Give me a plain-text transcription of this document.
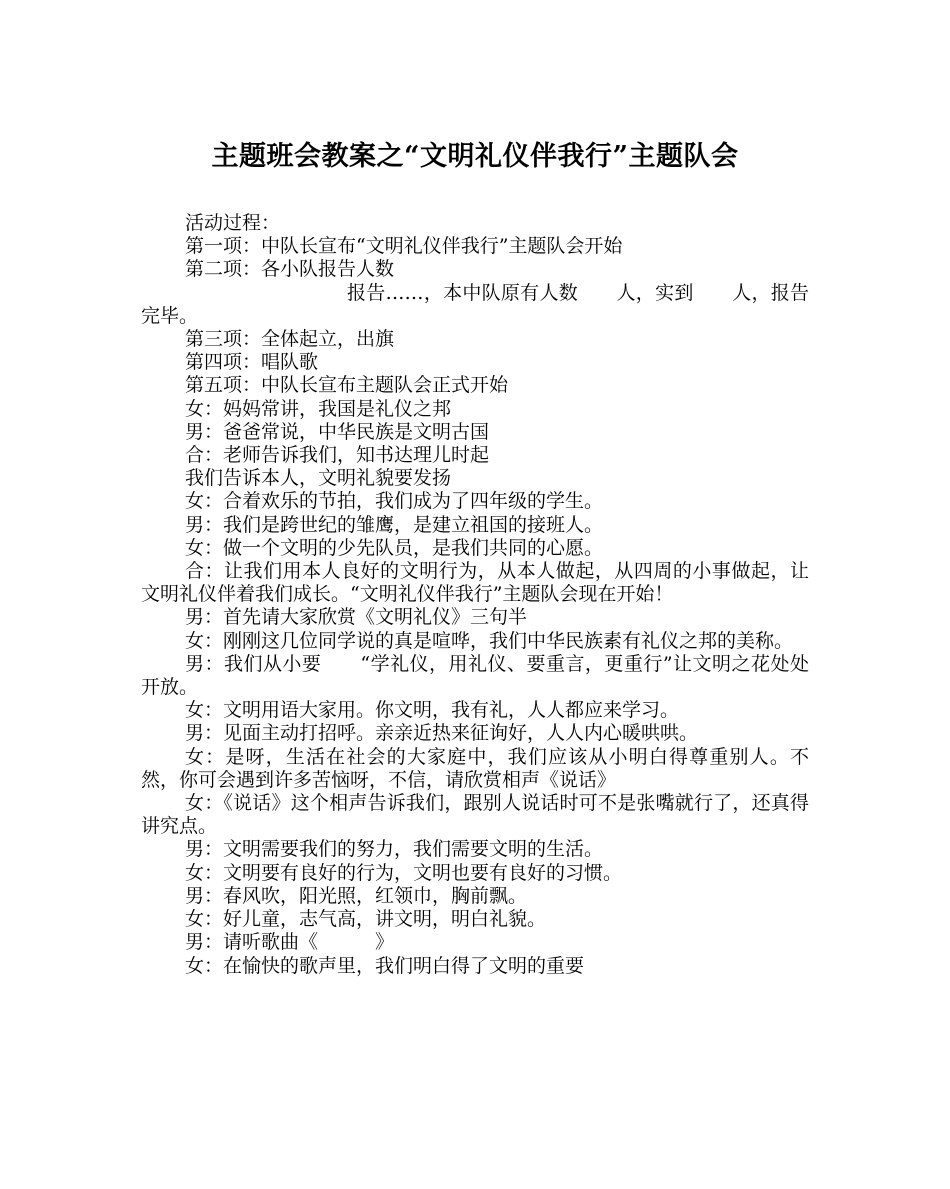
主题班会教案之“文明礼仪伴我行”主题队会

活动过程：

第一项：中队长宣布“文明礼仪伴我行”主题队会开始

第二项：各小队报告人数

报告……，本中队原有人数　　人，实到　　人，报告完毕。

第三项：全体起立，出旗

第四项：唱队歌

第五项：中队长宣布主题队会正式开始

女：妈妈常讲，我国是礼仪之邦

男：爸爸常说，中华民族是文明古国

合：老师告诉我们，知书达理儿时起

我们告诉本人，文明礼貌要发扬

女：合着欢乐的节拍，我们成为了四年级的学生。

男：我们是跨世纪的雏鹰，是建立祖国的接班人。

女：做一个文明的少先队员，是我们共同的心愿。

合：让我们用本人良好的文明行为，从本人做起，从四周的小事做起，让文明礼仪伴着我们成长。“文明礼仪伴我行”主题队会现在开始！

男：首先请大家欣赏《文明礼仪》三句半

女：刚刚这几位同学说的真是喧哗，我们中华民族素有礼仪之邦的美称。

男：我们从小要　　“学礼仪，用礼仪、要重言，更重行”让文明之花处处开放。

女：文明用语大家用。你文明，我有礼，人人都应来学习。

男：见面主动打招呼。亲亲近热来征询好，人人内心暖哄哄。

女：是呀，生活在社会的大家庭中，我们应该从小明白得尊重别人。不然，你可会遇到许多苦恼呀，不信，请欣赏相声《说话》

女：《说话》这个相声告诉我们，跟别人说话时可不是张嘴就行了，还真得讲究点。

男：文明需要我们的努力，我们需要文明的生活。

女：文明要有良好的行为，文明也要有良好的习惯。

男：春风吹，阳光照，红领巾，胸前飘。

女：好儿童，志气高，讲文明，明白礼貌。

男：请听歌曲《　　　》

女：在愉快的歌声里，我们明白得了文明的重要
